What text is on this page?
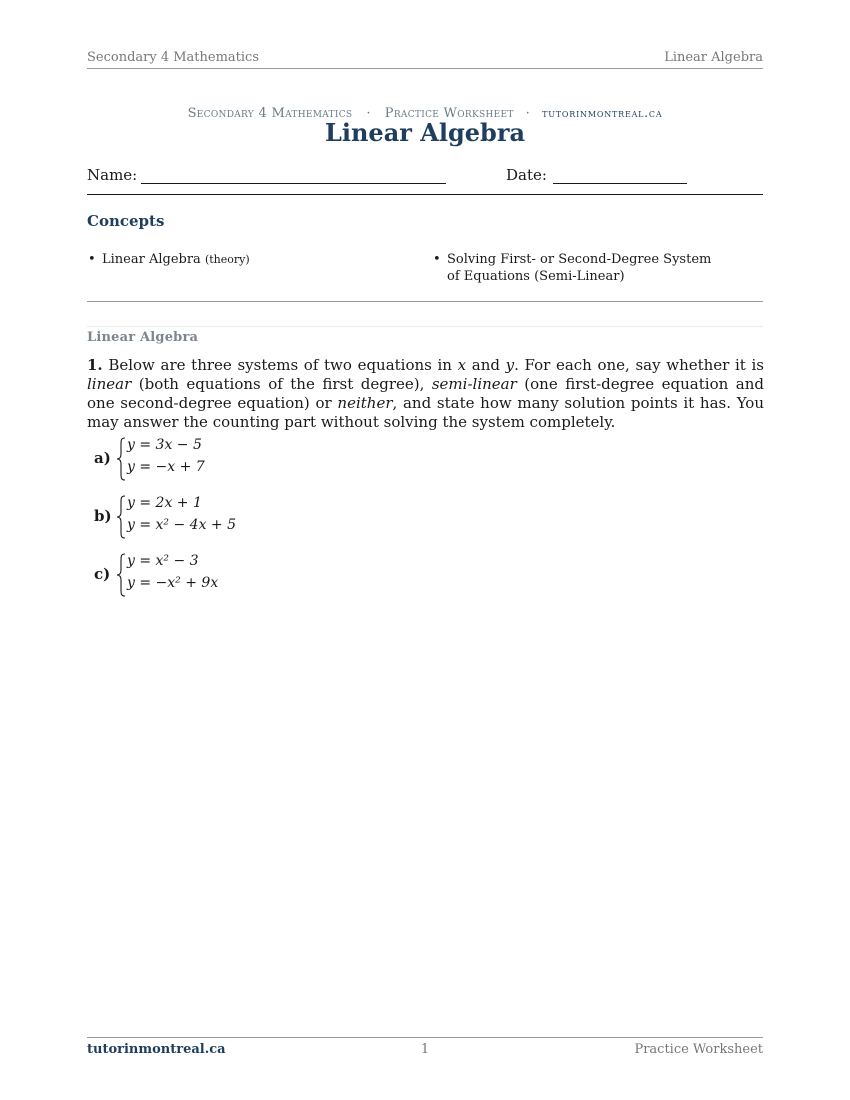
Secondary 4 Mathematics	Linear Algebra
Secondary 4 Mathematics · Practice Worksheet · tutorinmontreal.ca
Linear Algebra
Name:	Date:
Concepts
• Linear Algebra (theory)	• Solving First- or Second-Degree System of Equations (Semi-Linear)
Linear Algebra
1. Below are three systems of two equations in x and y. For each one, say whether it is linear (both equations of the first degree), semi-linear (one first-degree equation and one second-degree equation) or neither, and state how many solution points it has. You may answer the counting part without solving the system completely.
a)
y = 3x − 5
y = −x + 7
b)
y = 2x + 1
y = x² − 4x + 5
c)
y = x² − 3
y = −x² + 9x
tutorinmontreal.ca	1	Practice Worksheet
